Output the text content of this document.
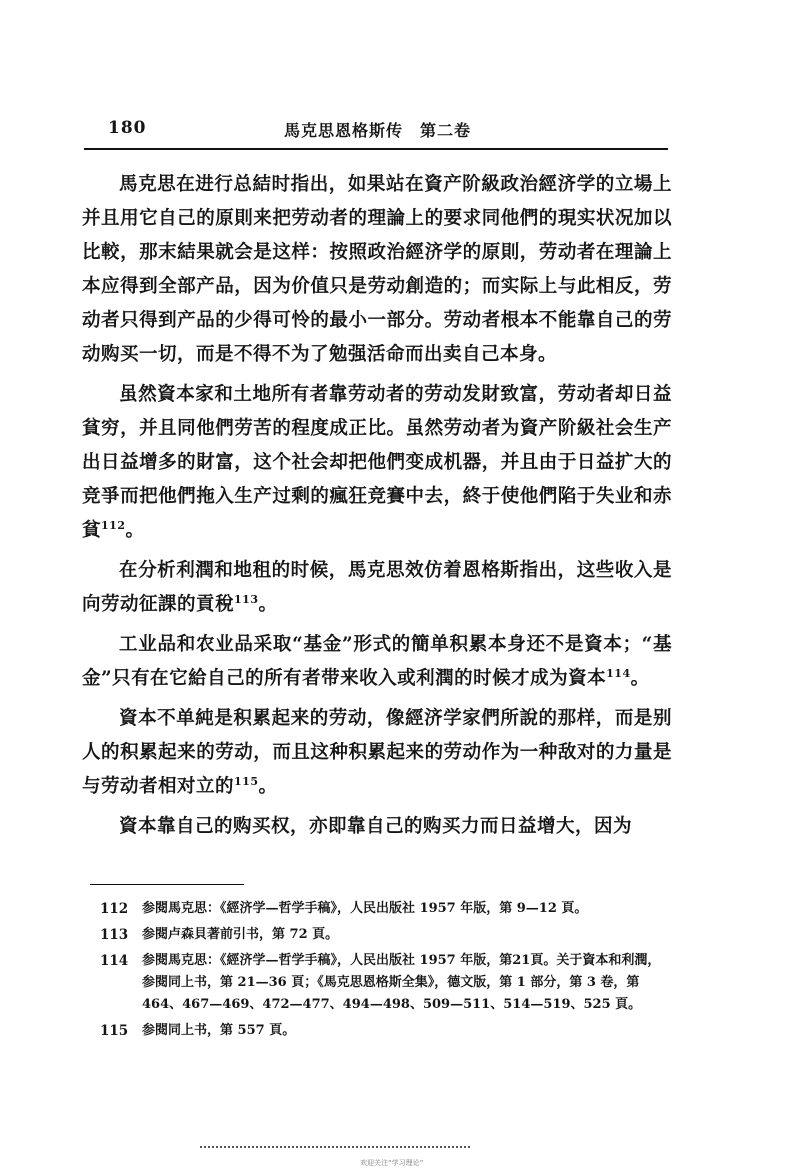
180	馬克思恩格斯传　第二卷

馬克思在进行总結时指出，如果站在資产阶級政治經济学的立場上并且用它自己的原則来把劳动者的理論上的要求同他們的現实状况加以比較，那末結果就会是这样：按照政治經济学的原則，劳动者在理論上本应得到全部产品，因为价值只是劳动創造的；而实际上与此相反，劳动者只得到产品的少得可怜的最小一部分。劳动者根本不能靠自己的劳动购买一切，而是不得不为了勉强活命而出卖自己本身。

虽然資本家和土地所有者靠劳动者的劳动发財致富，劳动者却日益貧穷，并且同他們劳苦的程度成正比。虽然劳动者为資产阶級社会生产出日益增多的財富，这个社会却把他們变成机器，并且由于日益扩大的竞爭而把他們拖入生产过剩的瘋狂竞賽中去，終于使他們陷于失业和赤貧$^{112}$。

在分析利潤和地租的时候，馬克思效仿着恩格斯指出，这些收入是向劳动征課的貢稅$^{113}$。

工业品和农业品采取“基金”形式的簡单积累本身还不是資本；“基金”只有在它給自己的所有者带来收入或利潤的时候才成为資本$^{114}$。

資本不单純是积累起来的劳动，像經济学家們所說的那样，而是别人的积累起来的劳动，而且这种积累起来的劳动作为一种敌对的力量是与劳动者相对立的$^{115}$。

資本靠自己的购买权，亦即靠自己的购买力而日益增大，因为

112	参閱馬克思：《經济学—哲学手稿》，人民出版社 1957 年版，第 9—12 頁。
113	参閱卢森貝著前引书，第 72 頁。
114	参閱馬克思：《經济学—哲学手稿》，人民出版社 1957 年版，第21頁。关于資本和利潤，参閱同上书，第 21—36 頁；《馬克思恩格斯全集》，德文版，第 1 部分，第 3 卷，第 464、467—469、472—477、494—498、509—511、514—519、525 頁。
115	参閱同上书，第 557 頁。
欢迎关注“学习理论”
